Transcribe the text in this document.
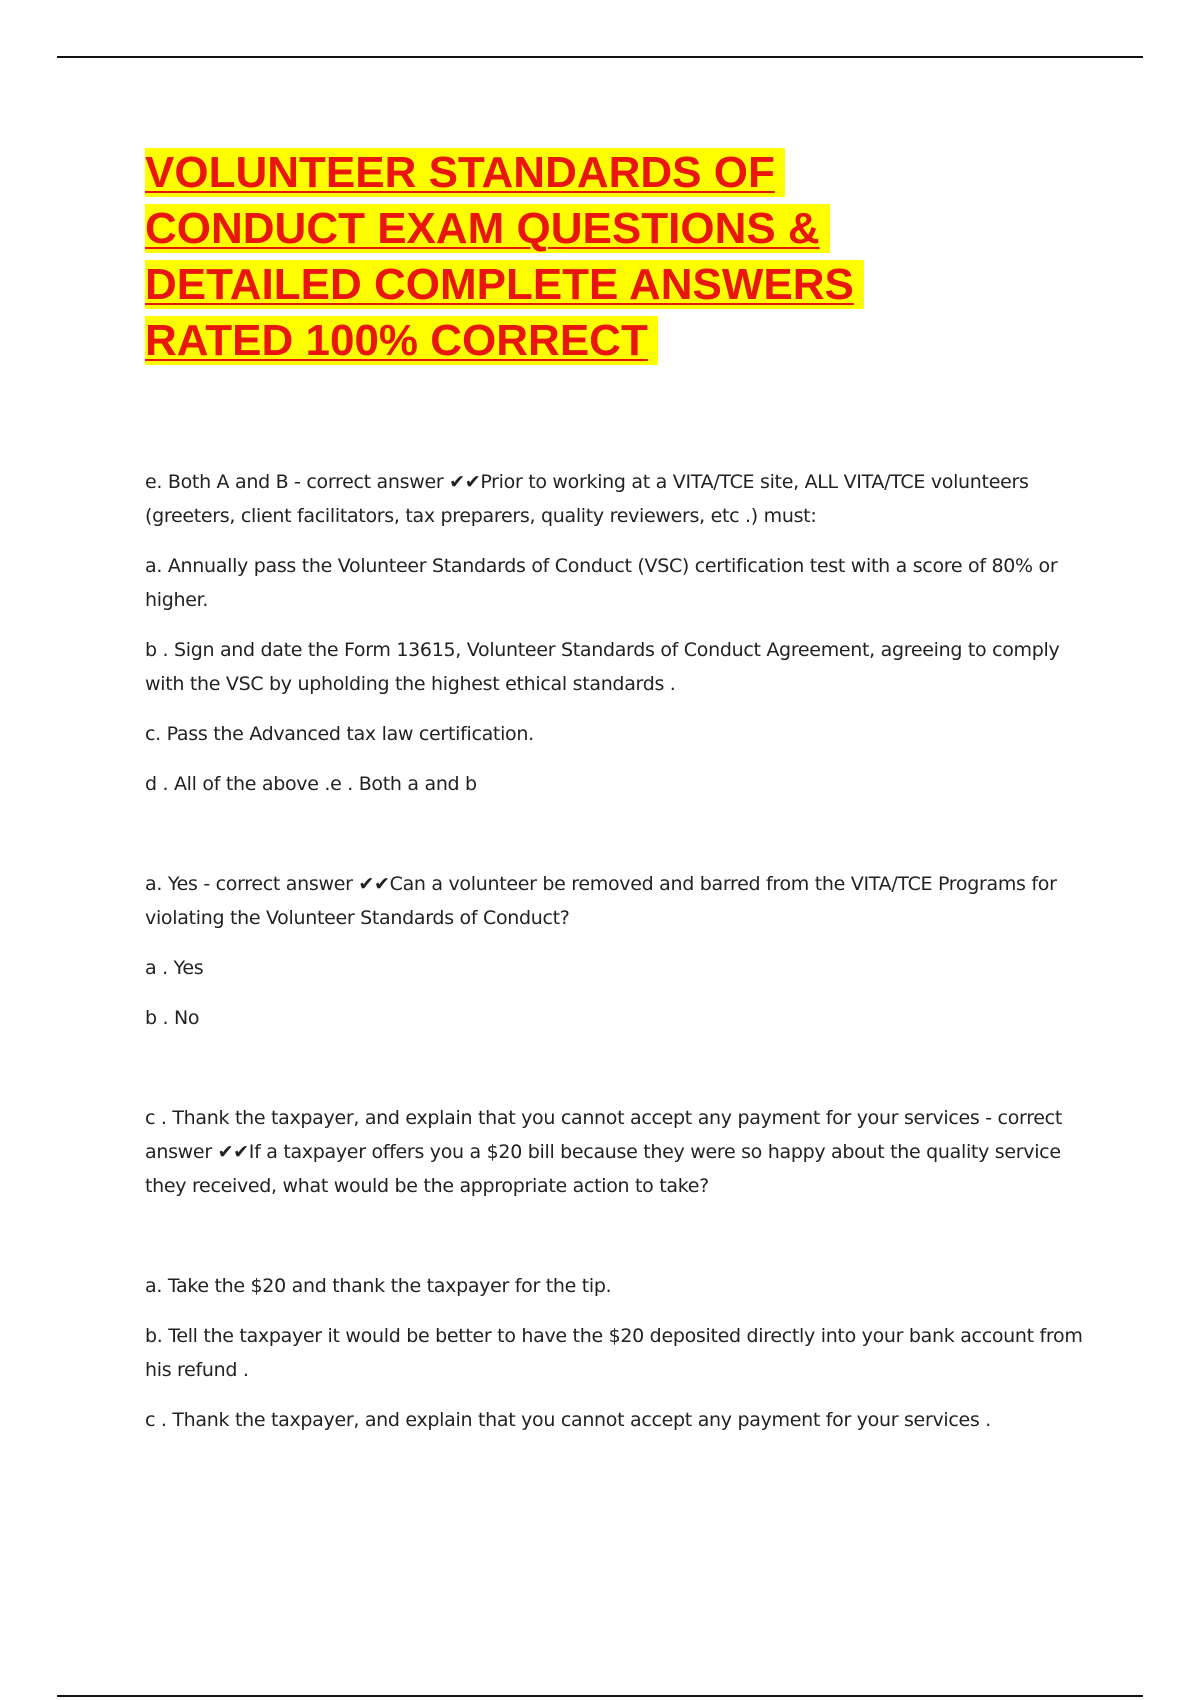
VOLUNTEER STANDARDS OF
CONDUCT EXAM QUESTIONS &
DETAILED COMPLETE ANSWERS
RATED 100% CORRECT

e. Both A and B - correct answer ✔✔Prior to working at a VITA/TCE site, ALL VITA/TCE volunteers (greeters, client facilitators, tax preparers, quality reviewers, etc .) must:

a. Annually pass the Volunteer Standards of Conduct (VSC) certification test with a score of 80% or higher.

b . Sign and date the Form 13615, Volunteer Standards of Conduct Agreement, agreeing to comply with the VSC by upholding the highest ethical standards .

c. Pass the Advanced tax law certification.

d . All of the above .e . Both a and b

a. Yes - correct answer ✔✔Can a volunteer be removed and barred from the VITA/TCE Programs for violating the Volunteer Standards of Conduct?

a . Yes

b . No

c . Thank the taxpayer, and explain that you cannot accept any payment for your services - correct answer ✔✔If a taxpayer offers you a $20 bill because they were so happy about the quality service they received, what would be the appropriate action to take?

a. Take the $20 and thank the taxpayer for the tip.

b. Tell the taxpayer it would be better to have the $20 deposited directly into your bank account from his refund .

c . Thank the taxpayer, and explain that you cannot accept any payment for your services .
